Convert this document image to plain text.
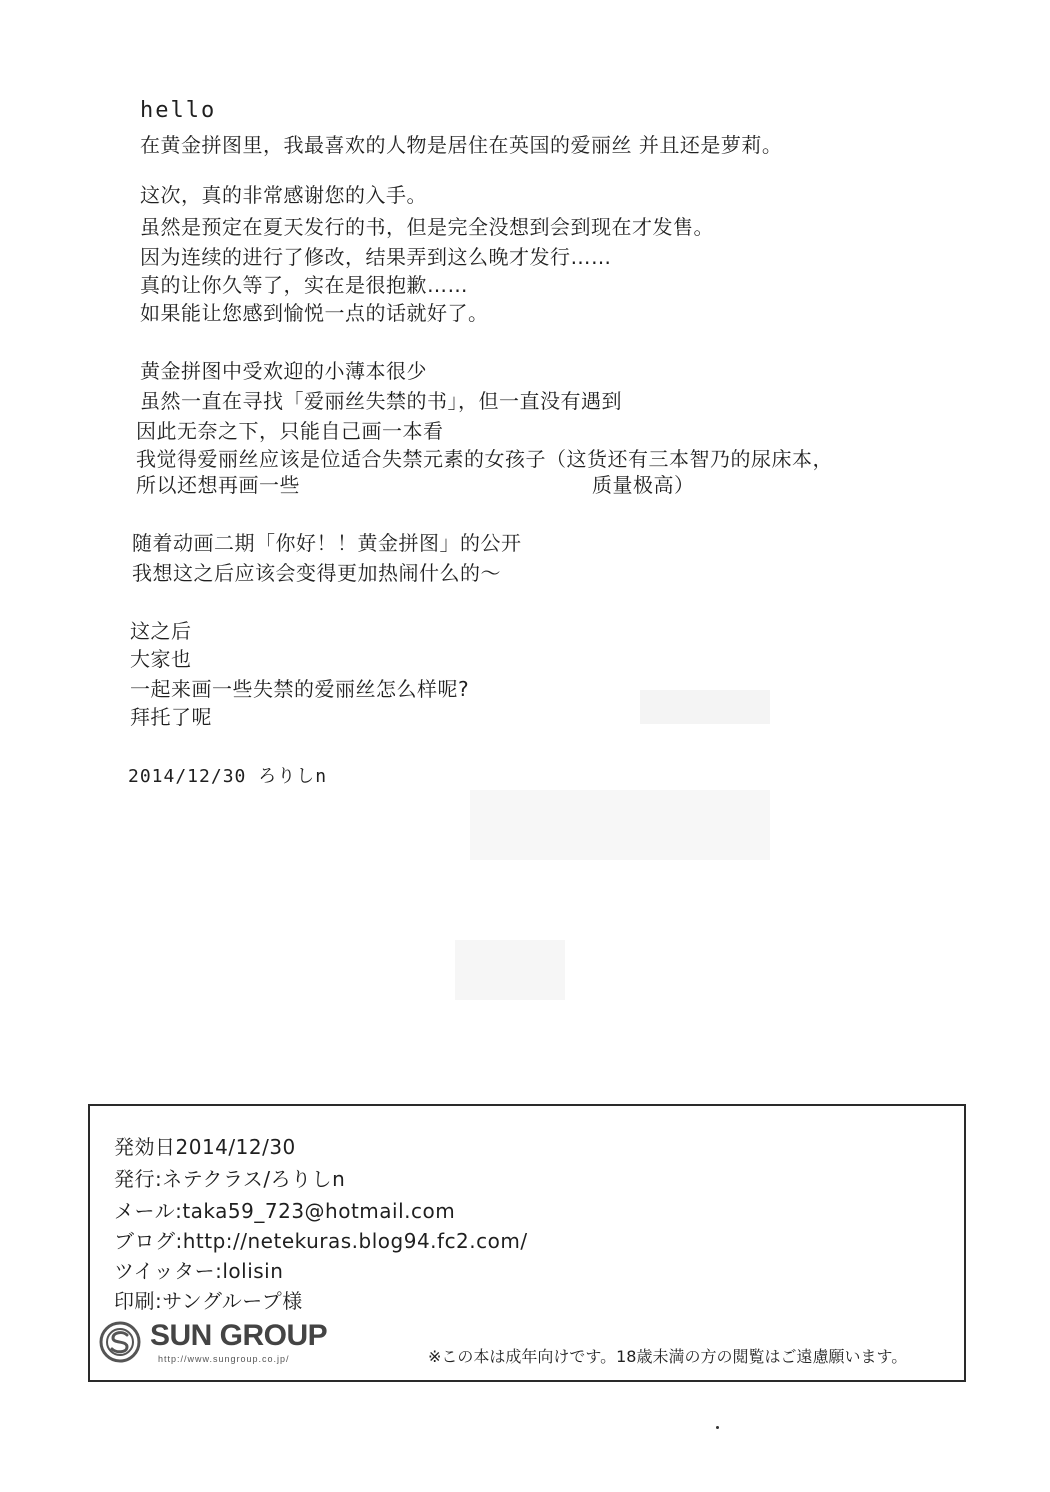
hello
在黄金拼图里，我最喜欢的人物是居住在英国的爱丽丝 并且还是萝莉。
这次，真的非常感谢您的入手。
虽然是预定在夏天发行的书，但是完全没想到会到现在才发售。
因为连续的进行了修改，结果弄到这么晚才发行……
真的让你久等了，实在是很抱歉……
如果能让您感到愉悦一点的话就好了。
黄金拼图中受欢迎的小薄本很少
虽然一直在寻找「爱丽丝失禁的书」，但一直没有遇到
因此无奈之下，只能自己画一本看
我觉得爱丽丝应该是位适合失禁元素的女孩子（这货还有三本智乃的尿床本，
所以还想再画一些	质量极高）
随着动画二期「你好！！黄金拼图」的公开
我想这之后应该会变得更加热闹什么的～
这之后
大家也
一起来画一些失禁的爱丽丝怎么样呢?
拜托了呢
2014/12/30 ろりしn
発効日2014/12/30
発行:ネテクラス/ろりしn
メール:taka59_723@hotmail.com
ブログ:http://netekuras.blog94.fc2.com/
ツイッター:lolisin
印刷:サングループ様
SUN GROUP
http://www.sungroup.co.jp/	※この本は成年向けです。18歳未満の方の閲覧はご遠慮願います。
